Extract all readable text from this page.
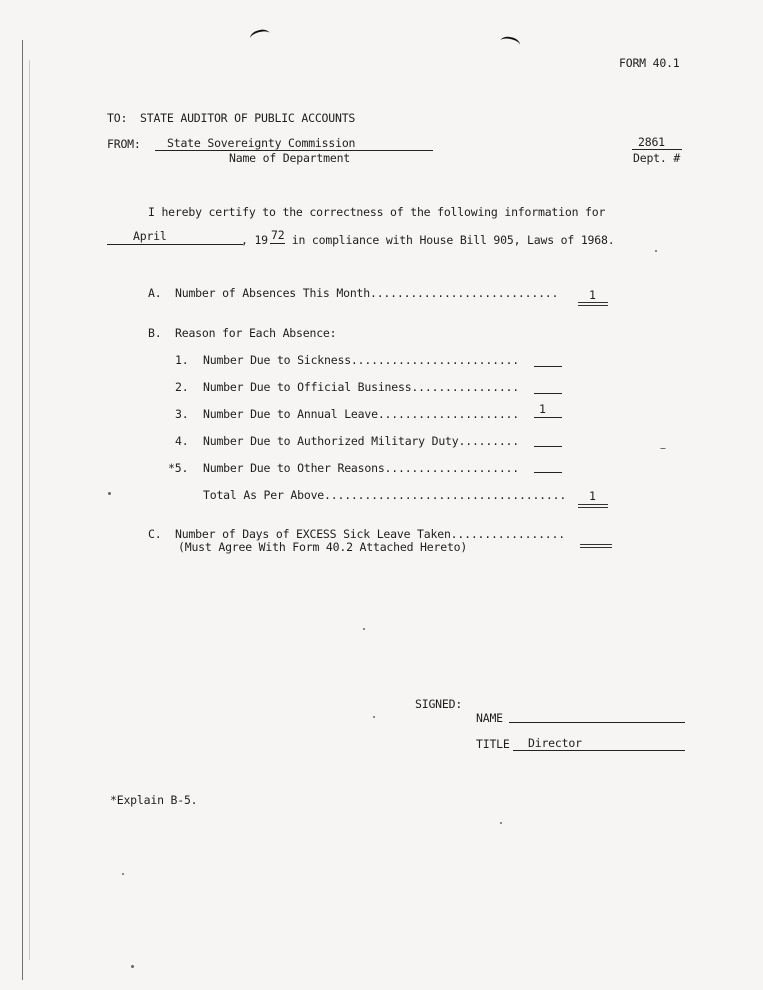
FORM 40.1
TO: STATE AUDITOR OF PUBLIC ACCOUNTS
FROM: State Sovereignty Commission
Name of Department
2861
Dept. #
I hereby certify to the correctness of the following information for
April	, 19 72 in compliance with House Bill 905, Laws of 1968.
A. Number of Absences This Month............................	1
B. Reason for Each Absence:
1. Number Due to Sickness.........................
2. Number Due to Official Business................
3. Number Due to Annual Leave..................... 1
4. Number Due to Authorized Military Duty.........
*5. Number Due to Other Reasons....................
Total As Per Above.................................... 1
C. Number of Days of EXCESS Sick Leave Taken.................
(Must Agree With Form 40.2 Attached Hereto)
SIGNED:
NAME
TITLE Director
*Explain B-5.
